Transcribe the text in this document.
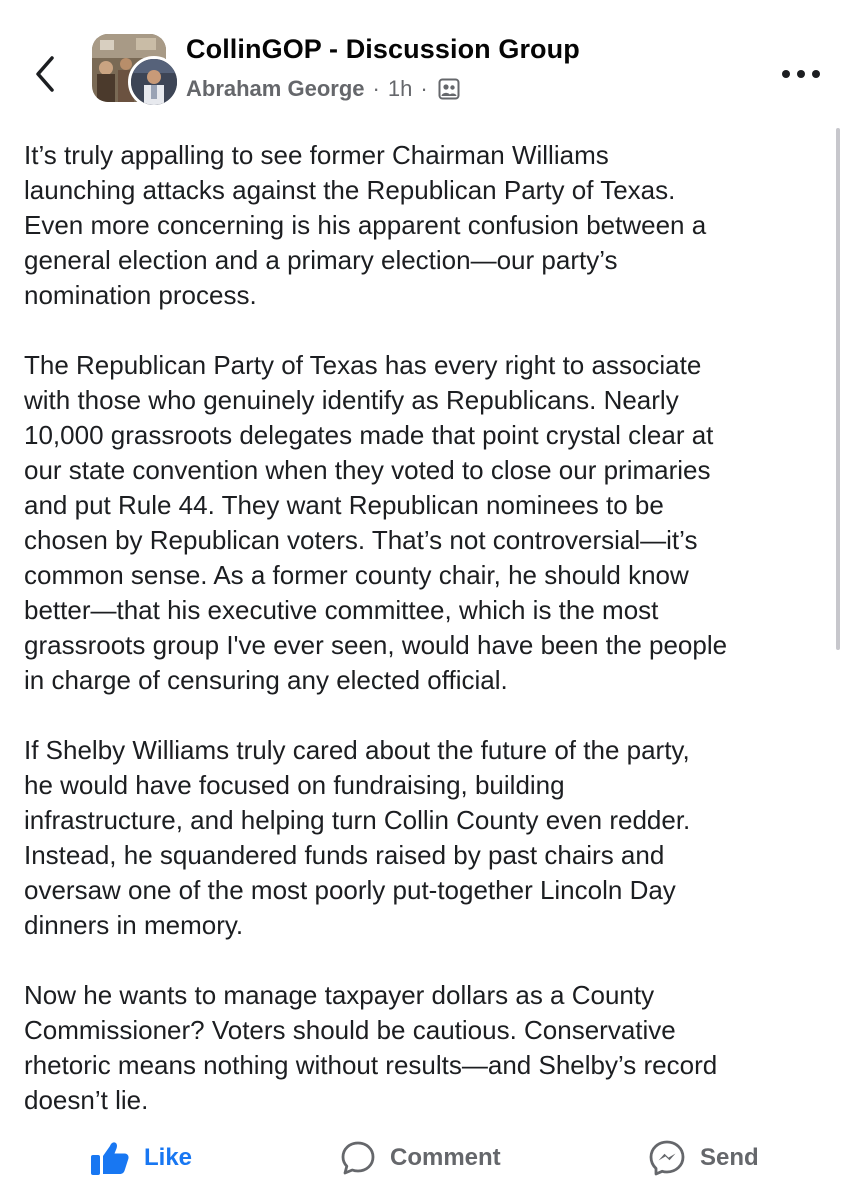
CollinGOP - Discussion Group
Abraham George · 1h ·

It’s truly appalling to see former Chairman Williams
launching attacks against the Republican Party of Texas.
Even more concerning is his apparent confusion between a
general election and a primary election—our party’s
nomination process.

The Republican Party of Texas has every right to associate
with those who genuinely identify as Republicans. Nearly
10,000 grassroots delegates made that point crystal clear at
our state convention when they voted to close our primaries
and put Rule 44. They want Republican nominees to be
chosen by Republican voters. That’s not controversial—it’s
common sense. As a former county chair, he should know
better—that his executive committee, which is the most
grassroots group I've ever seen, would have been the people
in charge of censuring any elected official.

If Shelby Williams truly cared about the future of the party,
he would have focused on fundraising, building
infrastructure, and helping turn Collin County even redder.
Instead, he squandered funds raised by past chairs and
oversaw one of the most poorly put-together Lincoln Day
dinners in memory.

Now he wants to manage taxpayer dollars as a County
Commissioner? Voters should be cautious. Conservative
rhetoric means nothing without results—and Shelby’s record
doesn’t lie.

Like	Comment	Send
